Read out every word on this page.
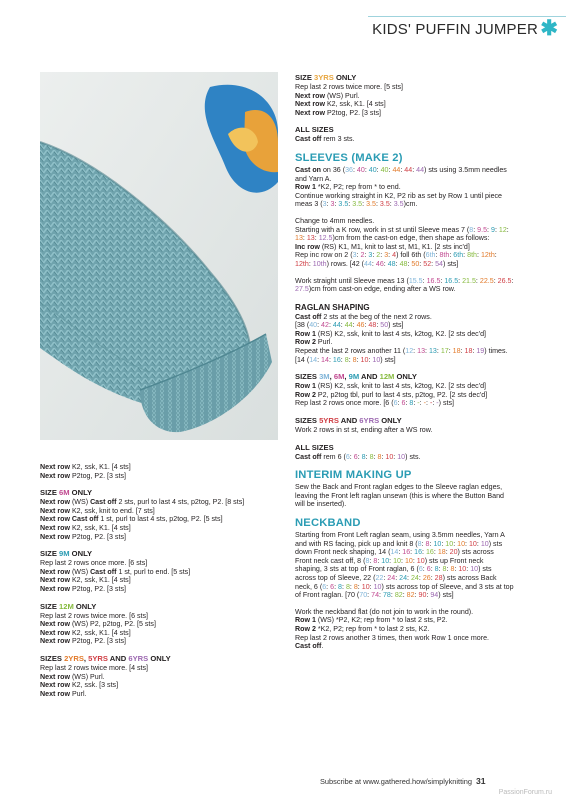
KIDS' PUFFIN JUMPER ✱

Next row K2, ssk, K1. [4 sts]

Next row P2tog, P2. [3 sts]

SIZE 6M ONLY

Next row (WS) Cast off 2 sts, purl to last 4 sts, p2tog, P2. [8 sts]

Next row K2, ssk, knit to end. [7 sts]

Next row Cast off 1 st, purl to last 4 sts, p2tog, P2. [5 sts]

Next row K2, ssk, K1. [4 sts]

Next row P2tog, P2. [3 sts]

SIZE 9M ONLY

Rep last 2 rows once more. [6 sts]

Next row (WS) Cast off 1 st, purl to end. [5 sts]

Next row K2, ssk, K1. [4 sts]

Next row P2tog, P2. [3 sts]

SIZE 12M ONLY

Rep last 2 rows twice more. [6 sts]

Next row (WS) P2, p2tog, P2. [5 sts]

Next row K2, ssk, K1. [4 sts]

Next row P2tog, P2. [3 sts]

SIZES 2YRS, 5YRS AND 6YRS ONLY

Rep last 2 rows twice more. [4 sts]

Next row (WS) Purl.

Next row K2, ssk. [3 sts]

Next row Purl.

SIZE 3YRS ONLY

Rep last 2 rows twice more. [5 sts]

Next row (WS) Purl.

Next row K2, ssk, K1. [4 sts]

Next row P2tog, P2. [3 sts]

ALL SIZES

Cast off rem 3 sts.

SLEEVES (MAKE 2)

Cast on on 36 (36: 40: 40: 40: 44: 44: 44) sts using 3.5mm needles

and Yarn A.

Row 1 *K2, P2; rep from * to end.

Continue working straight in K2, P2 rib as set by Row 1 until piece

meas 3 (3: 3: 3.5: 3.5: 3.5: 3.5: 3.5)cm.

Change to 4mm needles.

Starting with a K row, work in st st until Sleeve meas 7 (8: 9.5: 9: 12:

13: 13: 12.5)cm from the cast-on edge, then shape as follows:

Inc row (RS) K1, M1, knit to last st, M1, K1. [2 sts inc'd]

Rep inc row on 2 (3: 2: 3: 2: 3: 4) foll 6th (6th: 8th: 6th: 8th: 12th:

12th: 10th) rows. [42 (44: 46: 48: 48: 50: 52: 54) sts]

Work straight until Sleeve meas 13 (15.5: 16.5: 16.5: 21.5: 22.5: 26.5:

27.5)cm from cast-on edge, ending after a WS row.

RAGLAN SHAPING

Cast off 2 sts at the beg of the next 2 rows.

[38 (40: 42: 44: 44: 46: 48: 50) sts]

Row 1 (RS) K2, ssk, knit to last 4 sts, k2tog, K2. [2 sts dec'd]

Row 2 Purl.

Repeat the last 2 rows another 11 (12: 13: 13: 17: 18: 18: 19) times.

[14 (14: 14: 16: 8: 8: 10: 10) sts]

SIZES 3M, 6M, 9M AND 12M ONLY

Row 1 (RS) K2, ssk, knit to last 4 sts, k2tog, K2. [2 sts dec'd]

Row 2 P2, p2tog tbl, purl to last 4 sts, p2tog, P2. [2 sts dec'd]

Rep last 2 rows once more. [6 (6: 6: 8: -: -: -: -) sts]

SIZES 5YRS AND 6YRS ONLY

Work 2 rows in st st, ending after a WS row.

ALL SIZES

Cast off rem 6 (6: 6: 8: 8: 8: 10: 10) sts.

INTERIM MAKING UP

Sew the Back and Front raglan edges to the Sleeve raglan edges,

leaving the Front left raglan unsewn (this is where the Button Band

will be inserted).

NECKBAND

Starting from Front Left raglan seam, using 3.5mm needles, Yarn A

and with RS facing, pick up and knit 8 (8: 8: 10: 10: 10: 10: 10) sts

down Front neck shaping, 14 (14: 16: 16: 16: 18: 20) sts across

Front neck cast off, 8 (8: 8: 10: 10: 10: 10) sts up Front neck

shaping, 3 sts at top of Front raglan, 6 (6: 6: 8: 8: 8: 10: 10) sts

across top of Sleeve, 22 (22: 24: 24: 24: 26: 28) sts across Back

neck, 6 (6: 6: 8: 8: 8: 10: 10) sts across top of Sleeve, and 3 sts at top

of Front raglan. [70 (70: 74: 78: 82: 82: 90: 94) sts]

Work the neckband flat (do not join to work in the round).

Row 1 (WS) *P2, K2; rep from * to last 2 sts, P2.

Row 2 *K2, P2; rep from * to last 2 sts, K2.

Rep last 2 rows another 3 times, then work Row 1 once more.

Cast off.

Subscribe at www.gathered.how/simplyknitting 31
PassionForum.ru
